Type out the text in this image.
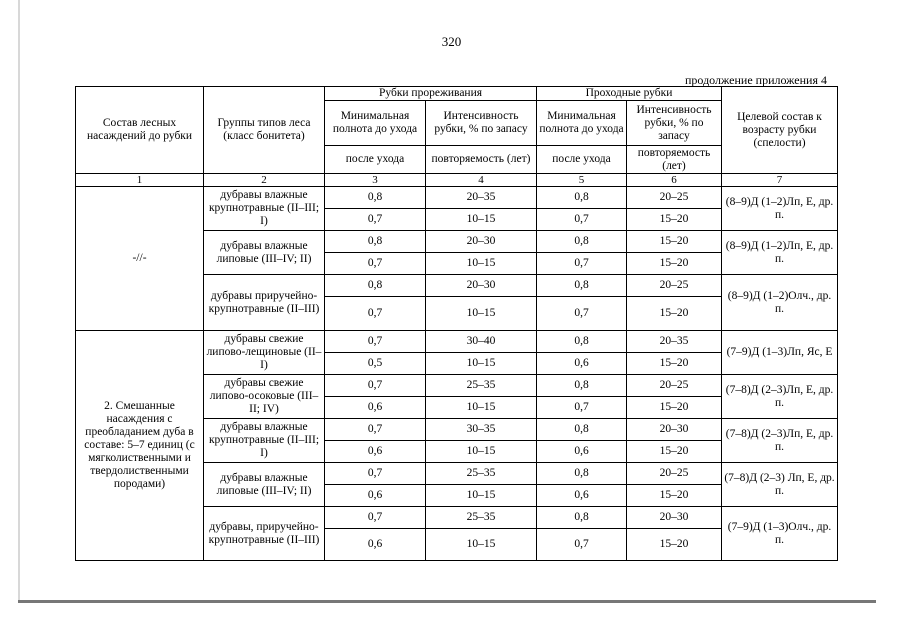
320
продолжение приложения 4
Состав лесных насаждений до рубки	Группы типов леса (класс бонитета)	Рубки прореживания		Проходные рубки		Целевой состав к возрасту рубки (спелости)
		Минимальная полнота до ухода	Интенсивность рубки, % по запасу	Минимальная полнота до ухода	Интенсивность рубки, % по запасу	
		после ухода	повторяемость (лет)	после ухода	повторяемость (лет)	
1	2	3	4	5	6	7
-//-	дубравы влажные крупнотравные (II–III; I)	0,8	20–35	0,8	20–25	(8–9)Д (1–2)Лп, Е, др. п.
		0,7	10–15	0,7	15–20	
	дубравы влажные липовые (III–IV; II)	0,8	20–30	0,8	15–20	(8–9)Д (1–2)Лп, Е, др. п.
		0,7	10–15	0,7	15–20	
	дубравы приручейно-крупнотравные (II–III)	0,8	20–30	0,8	20–25	(8–9)Д (1–2)Олч., др. п.
		0,7	10–15	0,7	15–20	
2. Смешанные насаждения с преобладанием дуба в составе: 5–7 единиц (с мягколиственными и твердолиственными породами)	дубравы свежие липово-лещиновые (II–I)	0,7	30–40	0,8	20–35	(7–9)Д (1–3)Лп, Яс, Е
		0,5	10–15	0,6	15–20	
	дубравы свежие липово-осоковые (III–II; IV)	0,7	25–35	0,8	20–25	(7–8)Д (2–3)Лп, Е, др. п.
		0,6	10–15	0,7	15–20	
	дубравы влажные крупнотравные (II–III; I)	0,7	30–35	0,8	20–30	(7–8)Д (2–3)Лп, Е, др. п.
		0,6	10–15	0,6	15–20	
	дубравы влажные липовые (III–IV; II)	0,7	25–35	0,8	20–25	(7–8)Д (2–3) Лп, Е, др. п.
		0,6	10–15	0,6	15–20	
	дубравы, приручейно-крупнотравные (II–III)	0,7	25–35	0,8	20–30	(7–9)Д (1–3)Олч., др. п.
		0,6	10–15	0,7	15–20	
